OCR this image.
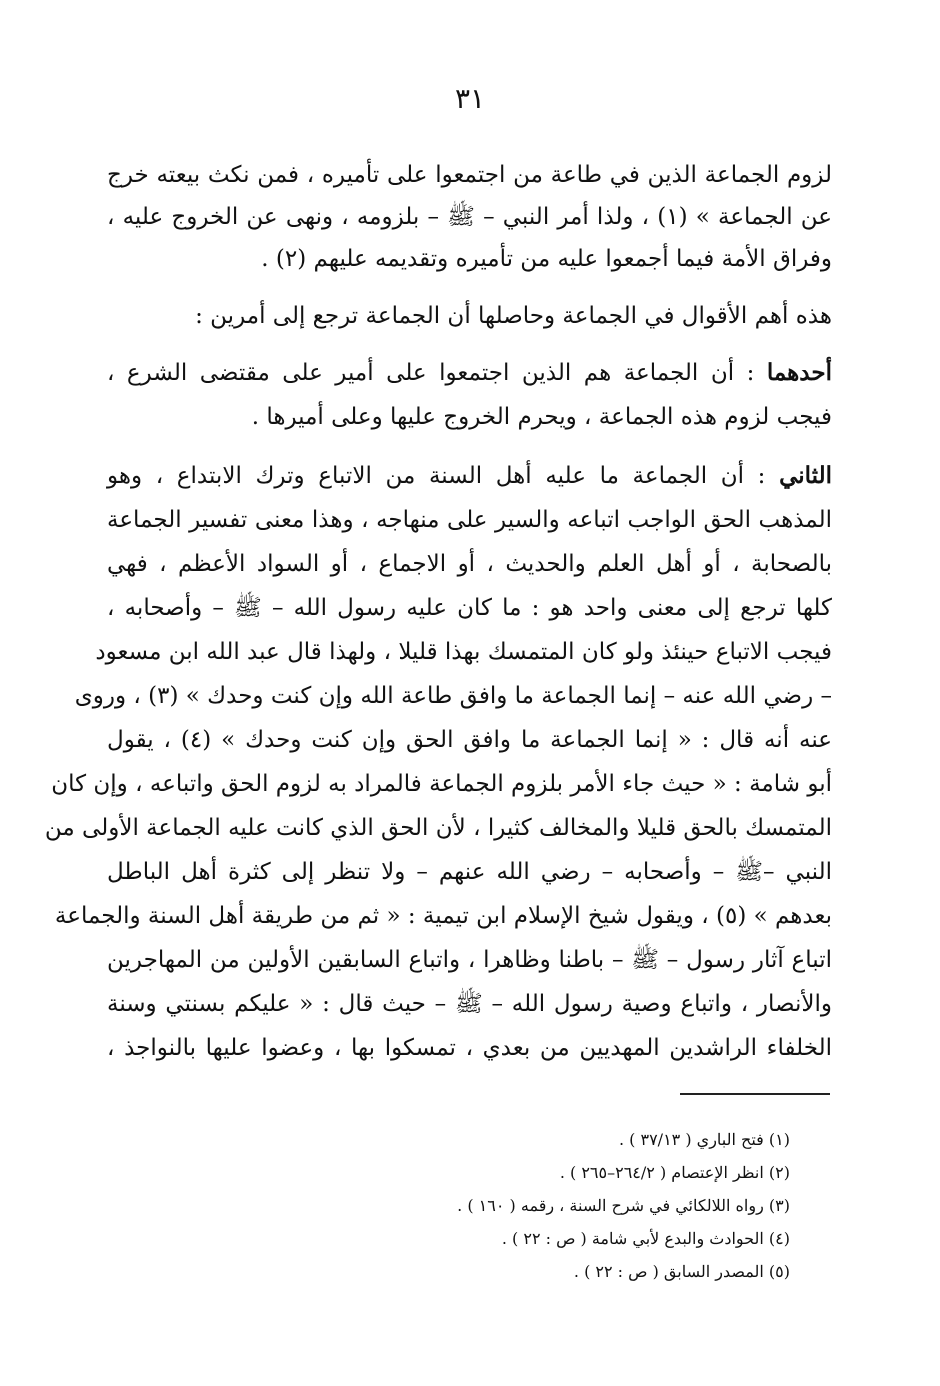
٣١
لزوم الجماعة الذين في طاعة من اجتمعوا على تأميره ، فمن نكث بيعته خرج
عن الجماعة » (١) ، ولذا أمر النبي – ﷺ – بلزومه ، ونهى عن الخروج عليه ،
وفراق الأمة فيما أجمعوا عليه من تأميره وتقديمه عليهم (٢) .
هذه أهم الأقوال في الجماعة وحاصلها أن الجماعة ترجع إلى أمرين :
أحدهما : أن الجماعة هم الذين اجتمعوا على أمير على مقتضى الشرع ،
فيجب لزوم هذه الجماعة ، ويحرم الخروج عليها وعلى أميرها .
الثاني : أن الجماعة ما عليه أهل السنة من الاتباع وترك الابتداع ، وهو
المذهب الحق الواجب اتباعه والسير على منهاجه ، وهذا معنى تفسير الجماعة
بالصحابة ، أو أهل العلم والحديث ، أو الاجماع ، أو السواد الأعظم ، فهي
كلها ترجع إلى معنى واحد هو : ما كان عليه رسول الله – ﷺ – وأصحابه ،
فيجب الاتباع حينئذ ولو كان المتمسك بهذا قليلا ، ولهذا قال عبد الله ابن مسعود
– رضي الله عنه – إنما الجماعة ما وافق طاعة الله وإن كنت وحدك » (٣) ، وروى
عنه أنه قال : « إنما الجماعة ما وافق الحق وإن كنت وحدك » (٤) ، يقول
أبو شامة : « حيث جاء الأمر بلزوم الجماعة فالمراد به لزوم الحق واتباعه ، وإن كان
المتمسك بالحق قليلا والمخالف كثيرا ، لأن الحق الذي كانت عليه الجماعة الأولى من
النبي –ﷺ – وأصحابه – رضي الله عنهم – ولا تنظر إلى كثرة أهل الباطل
بعدهم » (٥) ، ويقول شيخ الإسلام ابن تيمية : « ثم من طريقة أهل السنة والجماعة
اتباع آثار رسول – ﷺ – باطنا وظاهرا ، واتباع السابقين الأولين من المهاجرين
والأنصار ، واتباع وصية رسول الله – ﷺ – حيث قال : « عليكم بسنتي وسنة
الخلفاء الراشدين المهديين من بعدي ، تمسكوا بها ، وعضوا عليها بالنواجذ ،
(١) فتح الباري ( ٣٧/١٣ ) .
(٢) انظر الإعتصام ( ٢٦٤/٢–٢٦٥ ) .
(٣) رواه اللالكائي في شرح السنة ، رقمه ( ١٦٠ ) .
(٤) الحوادث والبدع لأبي شامة ( ص : ٢٢ ) .
(٥) المصدر السابق ( ص : ٢٢ ) .
